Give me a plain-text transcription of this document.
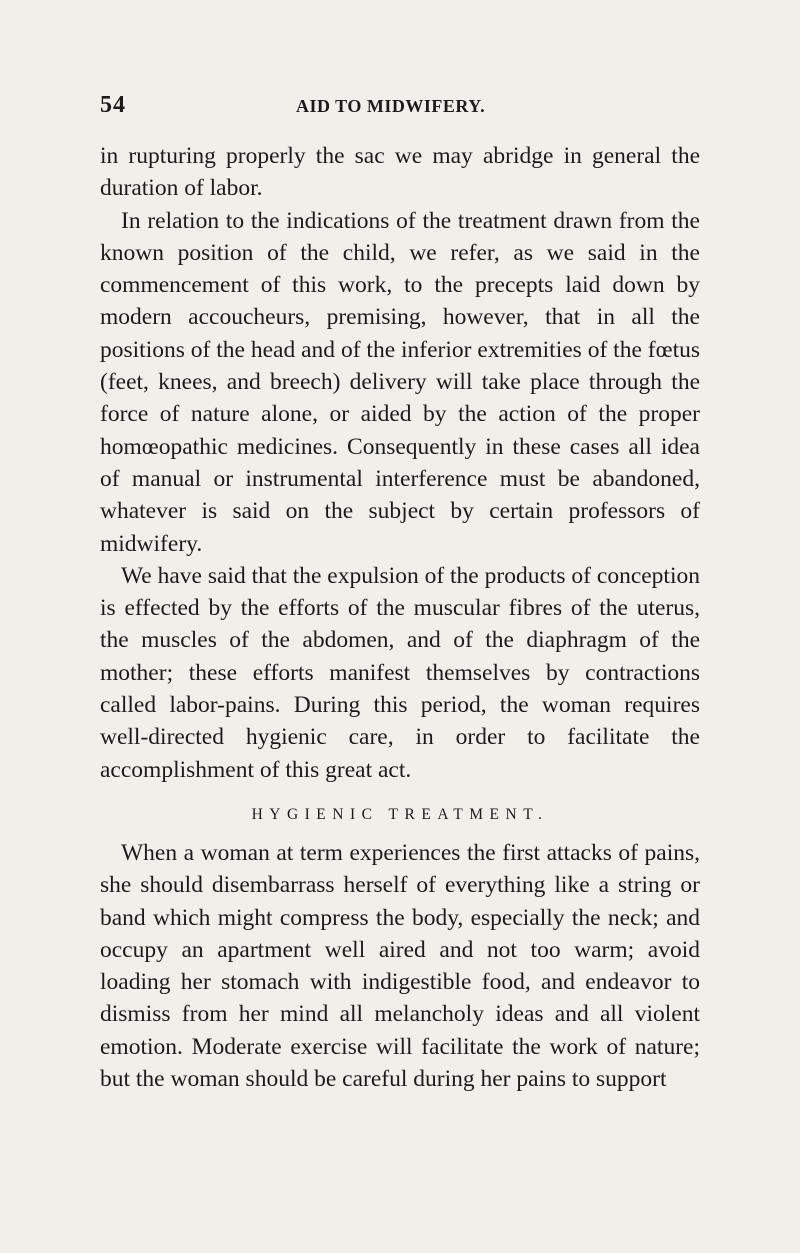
54	AID TO MIDWIFERY.

in rupturing properly the sac we may abridge in general the duration of labor.

In relation to the indications of the treatment drawn from the known position of the child, we refer, as we said in the commencement of this work, to the precepts laid down by modern accoucheurs, premising, however, that in all the positions of the head and of the inferior extremities of the fœtus (feet, knees, and breech) delivery will take place through the force of nature alone, or aided by the action of the proper homœopathic medicines. Consequently in these cases all idea of manual or instrumental interference must be abandoned, whatever is said on the subject by certain professors of midwifery.

We have said that the expulsion of the products of conception is effected by the efforts of the muscular fibres of the uterus, the muscles of the abdomen, and of the diaphragm of the mother; these efforts manifest themselves by contractions called labor-pains. During this period, the woman requires well-directed hygienic care, in order to facilitate the accomplishment of this great act.

HYGIENIC TREATMENT.

When a woman at term experiences the first attacks of pains, she should disembarrass herself of everything like a string or band which might compress the body, especially the neck; and occupy an apartment well aired and not too warm; avoid loading her stomach with indigestible food, and endeavor to dismiss from her mind all melancholy ideas and all violent emotion. Moderate exercise will facilitate the work of nature; but the woman should be careful during her pains to support
